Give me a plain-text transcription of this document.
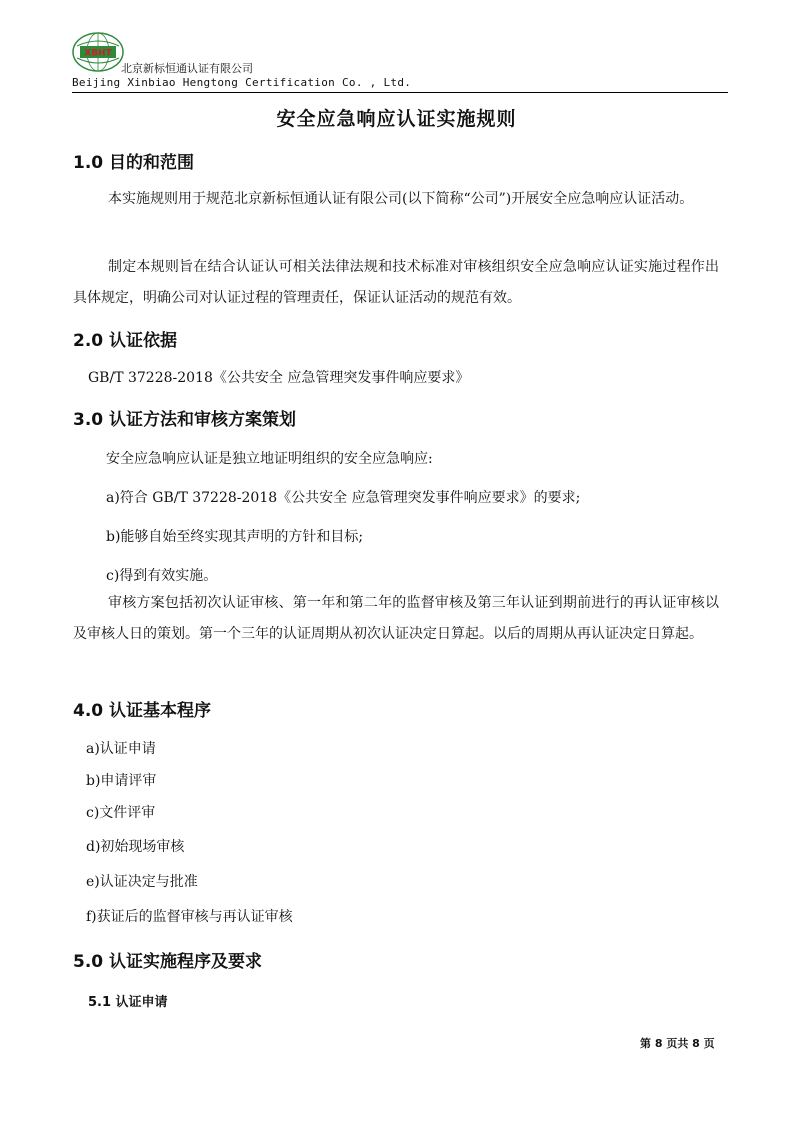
XBHT
北京新标恒通认证有限公司
Beijing Xinbiao Hengtong Certification Co. , Ltd.
安全应急响应认证实施规则
1.0 目的和范围

本实施规则用于规范北京新标恒通认证有限公司(以下简称“公司”)开展安全应急响应认证活动。

制定本规则旨在结合认证认可相关法律法规和技术标准对审核组织安全应急响应认证实施过程作出具体规定，明确公司对认证过程的管理责任，保证认证活动的规范有效。

2.0 认证依据
GB/T 37228-2018《公共安全 应急管理突发事件响应要求》
3.0 认证方法和审核方案策划
安全应急响应认证是独立地证明组织的安全应急响应:
a)符合 GB/T 37228-2018《公共安全 应急管理突发事件响应要求》的要求;
b)能够自始至终实现其声明的方针和目标;
c)得到有效实施。

审核方案包括初次认证审核、第一年和第二年的监督审核及第三年认证到期前进行的再认证审核以及审核人日的策划。第一个三年的认证周期从初次认证决定日算起。以后的周期从再认证决定日算起。

4.0 认证基本程序
a)认证申请
b)申请评审
c)文件评审
d)初始现场审核
e)认证决定与批准
f)获证后的监督审核与再认证审核
5.0 认证实施程序及要求
5.1 认证申请
第 8 页共 8 页
